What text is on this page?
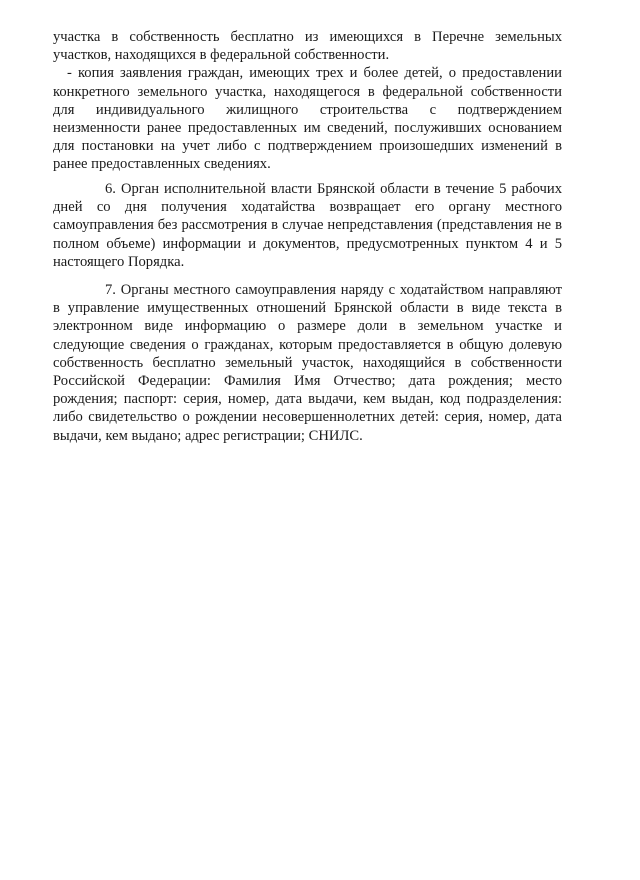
участка в собственность бесплатно из имеющихся в Перечне земельных участков, находящихся в федеральной собственности.

- копия заявления граждан, имеющих трех и более детей, о предоставлении конкретного земельного участка, находящегося в федеральной собственности для индивидуального жилищного строительства с подтверждением неизменности ранее предоставленных им сведений, послуживших основанием для постановки на учет либо с подтверждением произошедших изменений в ранее предоставленных сведениях.

6. Орган исполнительной власти Брянской области в течение 5 рабочих дней со дня получения ходатайства возвращает его органу местного самоуправления без рассмотрения в случае непредставления (представления не в полном объеме) информации и документов, предусмотренных пунктом 4 и 5 настоящего Порядка.

7. Органы местного самоуправления наряду с ходатайством направляют в управление имущественных отношений Брянской области в виде текста в электронном виде информацию о размере доли в земельном участке и следующие сведения о гражданах, которым предоставляется в общую долевую собственность бесплатно земельный участок, находящийся в собственности Российской Федерации: Фамилия Имя Отчество; дата рождения; место рождения; паспорт: серия, номер, дата выдачи, кем выдан, код подразделения: либо свидетельство о рождении несовершеннолетних детей: серия, номер, дата выдачи, кем выдано; адрес регистрации; СНИЛС.
